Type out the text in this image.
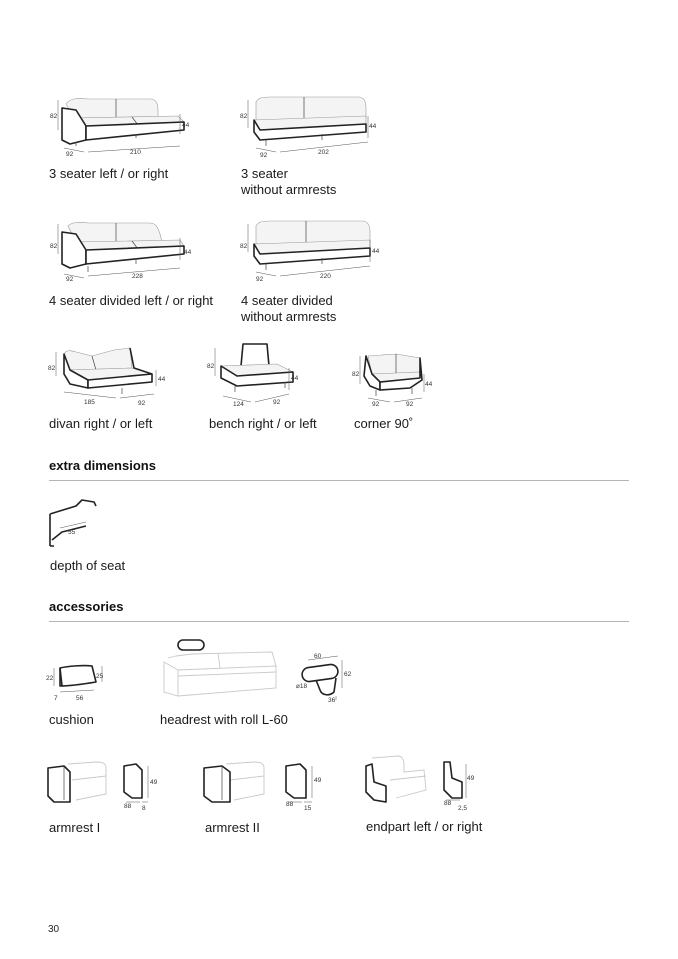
82
44
92	210
3 seater left / or right
82
44
92	202
3 seater
without armrests
82
44
92	228
4 seater divided left / or right
82
44
92	220
4 seater divided
without armrests
82
44
185	92
divan right / or left
82
44
124	92
bench right / or left
82
44
92	92
corner 90˚
extra dimensions
55
depth of seat
accessories
22	25
7	56
cushion
60
62
⌀18
36
headrest with roll L-60
49
88 8
armrest I
49
88
15
armrest II
49
88
2,5
endpart left / or right
30
